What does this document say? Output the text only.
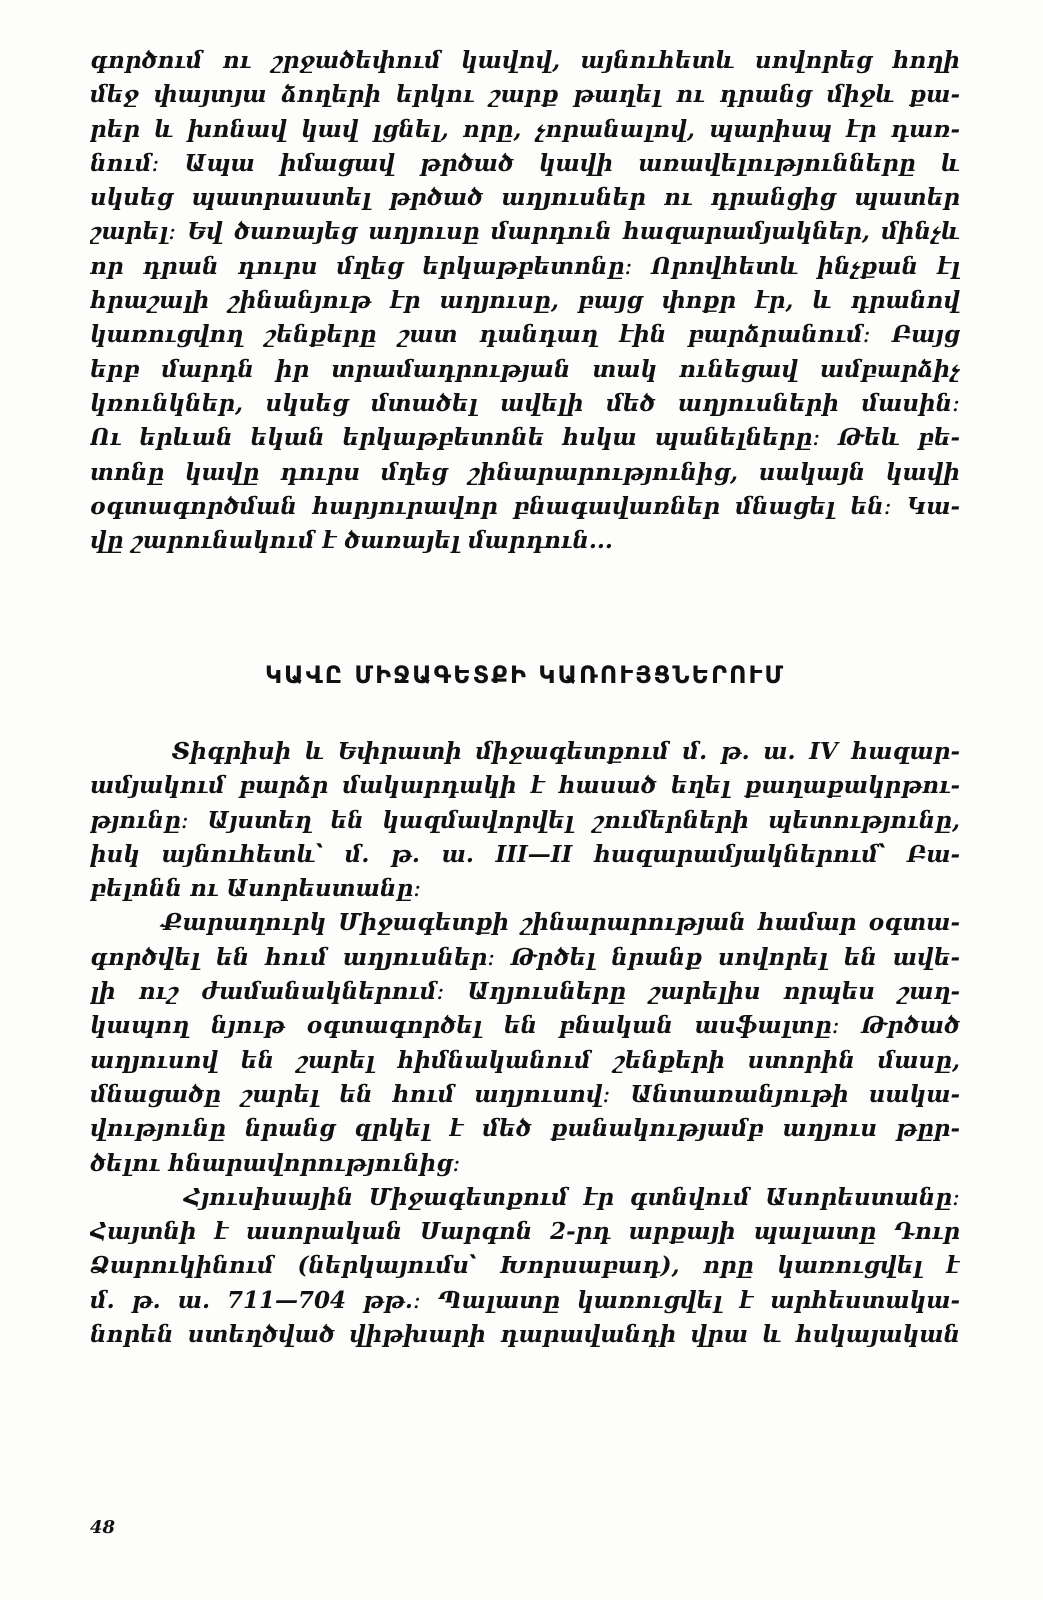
գործում ու շրջածեփում կավով, այնուհետև սովորեց հողի
մեջ փայտյա ձողերի երկու շարք թաղել ու դրանց միջև քա-
րեր և խոնավ կավ լցնել, որը, չորանալով, պարիսպ էր դառ-
նում։ Ապա իմացավ թրծած կավի առավելությունները և
սկսեց պատրաստել թրծած աղյուսներ ու դրանցից պատեր
շարել։ Եվ ծառայեց աղյուսը մարդուն հազարամյակներ, մինչև
որ դրան դուրս մղեց երկաթբետոնը։ Որովհետև ինչքան էլ
հրաշալի շինանյութ էր աղյուսը, բայց փոքր էր, և դրանով
կառուցվող շենքերը շատ դանդաղ էին բարձրանում։ Բայց
երբ մարդն իր տրամադրության տակ ունեցավ ամբարձիչ
կռունկներ, սկսեց մտածել ավելի մեծ աղյուսների մասին։
Ու երևան եկան երկաթբետոնե հսկա պանելները։ Թեև բե-
տոնը կավը դուրս մղեց շինարարությունից, սակայն կավի
օգտագործման հարյուրավոր բնագավառներ մնացել են։ Կա-
վը շարունակում է ծառայել մարդուն...
ԿԱՎԸ ՄԻՋԱԳԵՏՔԻ ԿԱՌՈՒՅՑՆԵՐՈՒՄ
Տիգրիսի և Եփրատի միջագետքում մ. թ. ա. IV հազար-
ամյակում բարձր մակարդակի է հասած եղել քաղաքակրթու-
թյունը։ Այստեղ են կազմավորվել շումերների պետությունը,
իսկ այնուհետև՝ մ. թ. ա. III—II հազարամյակներում՝ Բա-
բելոնն ու Ասորեստանը։
Քարաղուրկ Միջագետքի շինարարության համար օգտա-
գործվել են հում աղյուսներ։ Թրծել նրանք սովորել են ավե-
լի ուշ ժամանակներում։ Աղյուսները շարելիս որպես շաղ-
կապող նյութ օգտագործել են բնական ասֆալտը։ Թրծած
աղյուսով են շարել հիմնականում շենքերի ստորին մասը,
մնացածը շարել են հում աղյուսով։ Անտառանյութի սակա-
վությունը նրանց զրկել է մեծ քանակությամբ աղյուս թըր-
ծելու հնարավորությունից։
Հյուսիսային Միջագետքում էր գտնվում Ասորեստանը։
Հայտնի է ասորական Սարգոն 2-րդ արքայի պալատը Դուր
Ձարուկինում (ներկայումս՝ Խորսաբադ), որը կառուցվել է
մ. թ. ա. 711—704 թթ.։ Պալատը կառուցվել է արհեստակա-
նորեն ստեղծված վիթխարի դարավանդի վրա և հսկայական
48
